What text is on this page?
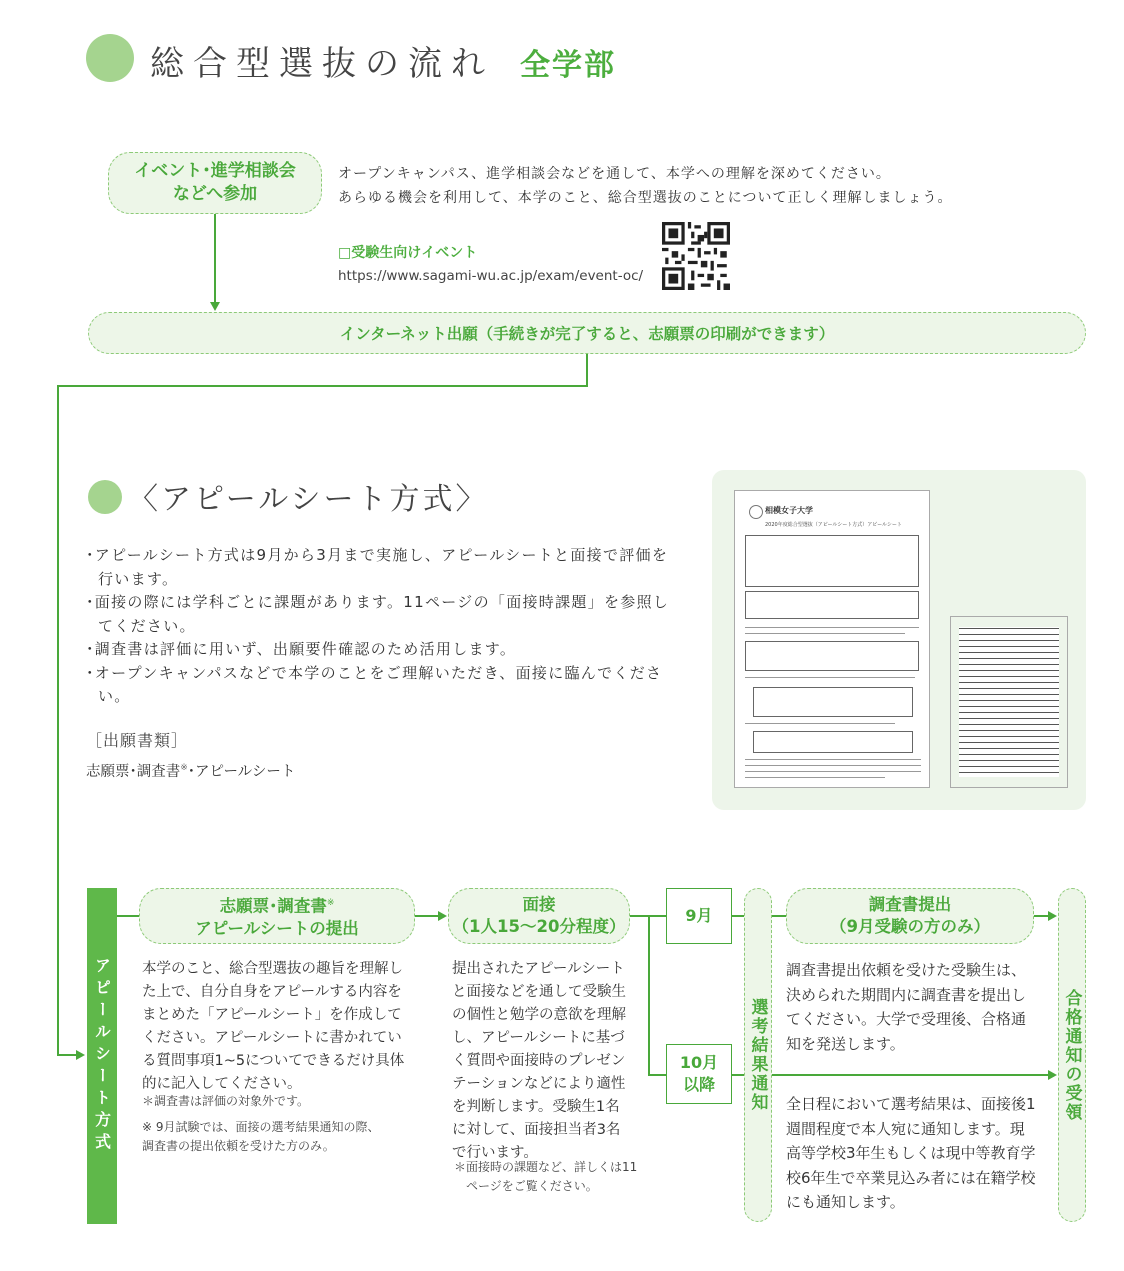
総合型選抜の流れ 全学部
イベント･進学相談会
などへ参加
オープンキャンパス、進学相談会などを通して、本学への理解を深めてください。
あらゆる機会を利用して、本学のこと、総合型選抜のことについて正しく理解しましょう。
□受験生向けイベント
https://www.sagami-wu.ac.jp/exam/event-oc/
インターネット出願（手続きが完了すると、志願票の印刷ができます）
〈アピールシート方式〉
･アピールシート方式は9月から3月まで実施し、アピールシートと面接で評価を行います。
･面接の際には学科ごとに課題があります。11ページの「面接時課題」を参照してください。
･調査書は評価に用いず、出願要件確認のため活用します。
･オープンキャンパスなどで本学のことをご理解いただき、面接に臨んでください。
［出願書類］
志願票･調査書※･アピールシート
相模女子大学
2020年度総合型選抜（アピールシート方式）アピールシート
アピールシート方式
志願票･調査書※
アピールシートの提出
本学のこと、総合型選抜の趣旨を理解した上で、自分自身をアピールする内容をまとめた「アピールシート」を作成してください。アピールシートに書かれている質問事項1~5についてできるだけ具体的に記入してください。
＊調査書は評価の対象外です。
※ 9月試験では、面接の選考結果通知の際、
調査書の提出依頼を受けた方のみ。
面接
（1人15～20分程度）
提出されたアピールシートと面接などを通して受験生の個性と勉学の意欲を理解し、アピールシートに基づく質問や面接時のプレゼンテーションなどにより適性を判断します。受験生1名に対して、面接担当者3名で行います。
＊面接時の課題など、詳しくは11ページをご覧ください。
9月
10月
以降	選考結果通知
調査書提出
（9月受験の方のみ）
調査書提出依頼を受けた受験生は、決められた期間内に調査書を提出してください。大学で受理後、合格通知を発送します。
全日程において選考結果は、面接後1週間程度で本人宛に通知します。現高等学校3年生もしくは現中等教育学校6年生で卒業見込み者には在籍学校にも通知します。
合格通知の受領
